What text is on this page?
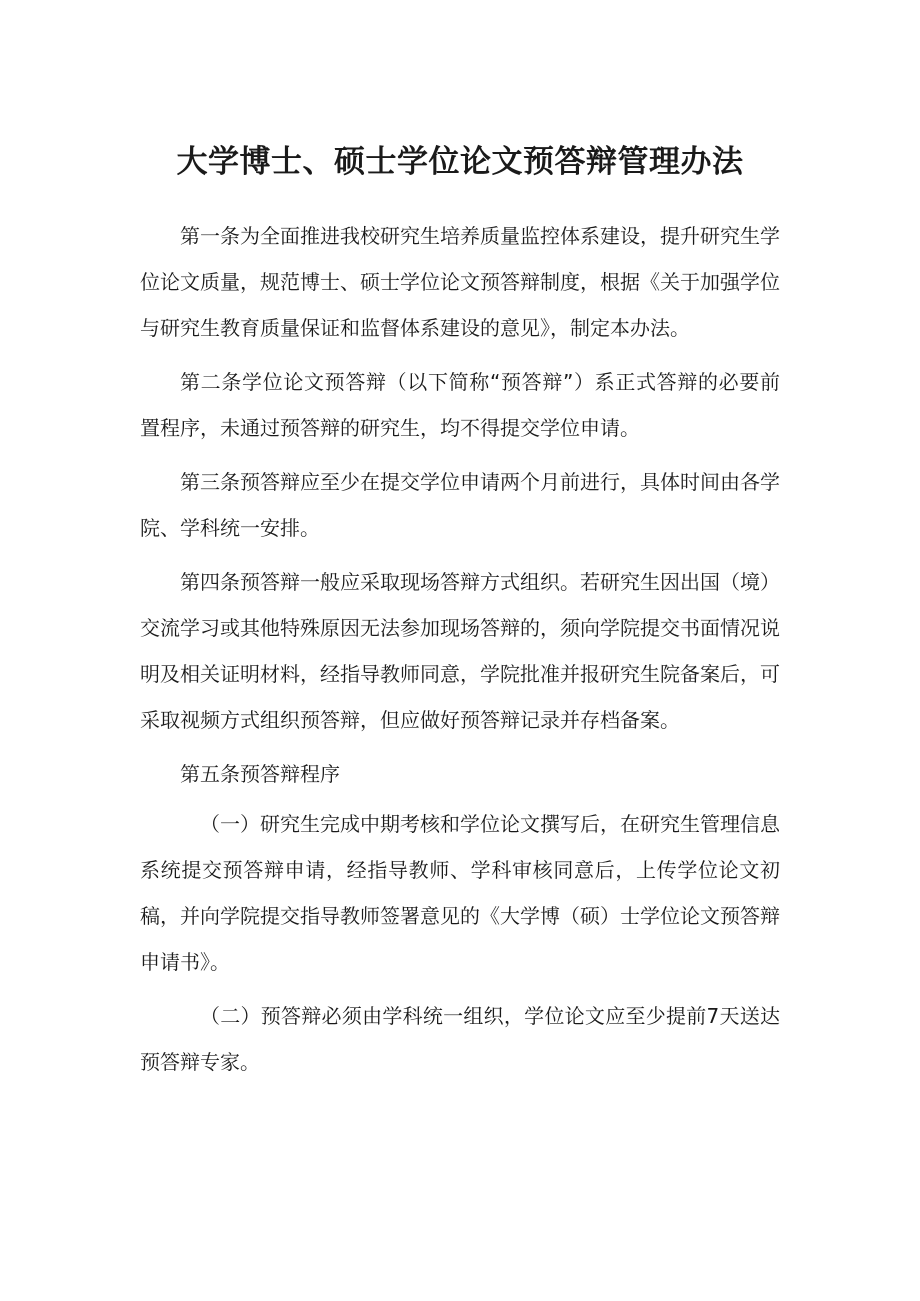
大学博士、硕士学位论文预答辩管理办法

第一条为全面推进我校研究生培养质量监控体系建设，提升研究生学位论文质量，规范博士、硕士学位论文预答辩制度，根据《关于加强学位与研究生教育质量保证和监督体系建设的意见》，制定本办法。

第二条学位论文预答辩（以下简称“预答辩”）系正式答辩的必要前置程序，未通过预答辩的研究生，均不得提交学位申请。

第三条预答辩应至少在提交学位申请两个月前进行，具体时间由各学院、学科统一安排。

第四条预答辩一般应采取现场答辩方式组织。若研究生因出国（境）交流学习或其他特殊原因无法参加现场答辩的，须向学院提交书面情况说明及相关证明材料，经指导教师同意，学院批准并报研究生院备案后，可采取视频方式组织预答辩，但应做好预答辩记录并存档备案。

第五条预答辩程序

（一）研究生完成中期考核和学位论文撰写后，在研究生管理信息系统提交预答辩申请，经指导教师、学科审核同意后，上传学位论文初稿，并向学院提交指导教师签署意见的《大学博（硕）士学位论文预答辩申请书》。

（二）预答辩必须由学科统一组织，学位论文应至少提前7天送达预答辩专家。
